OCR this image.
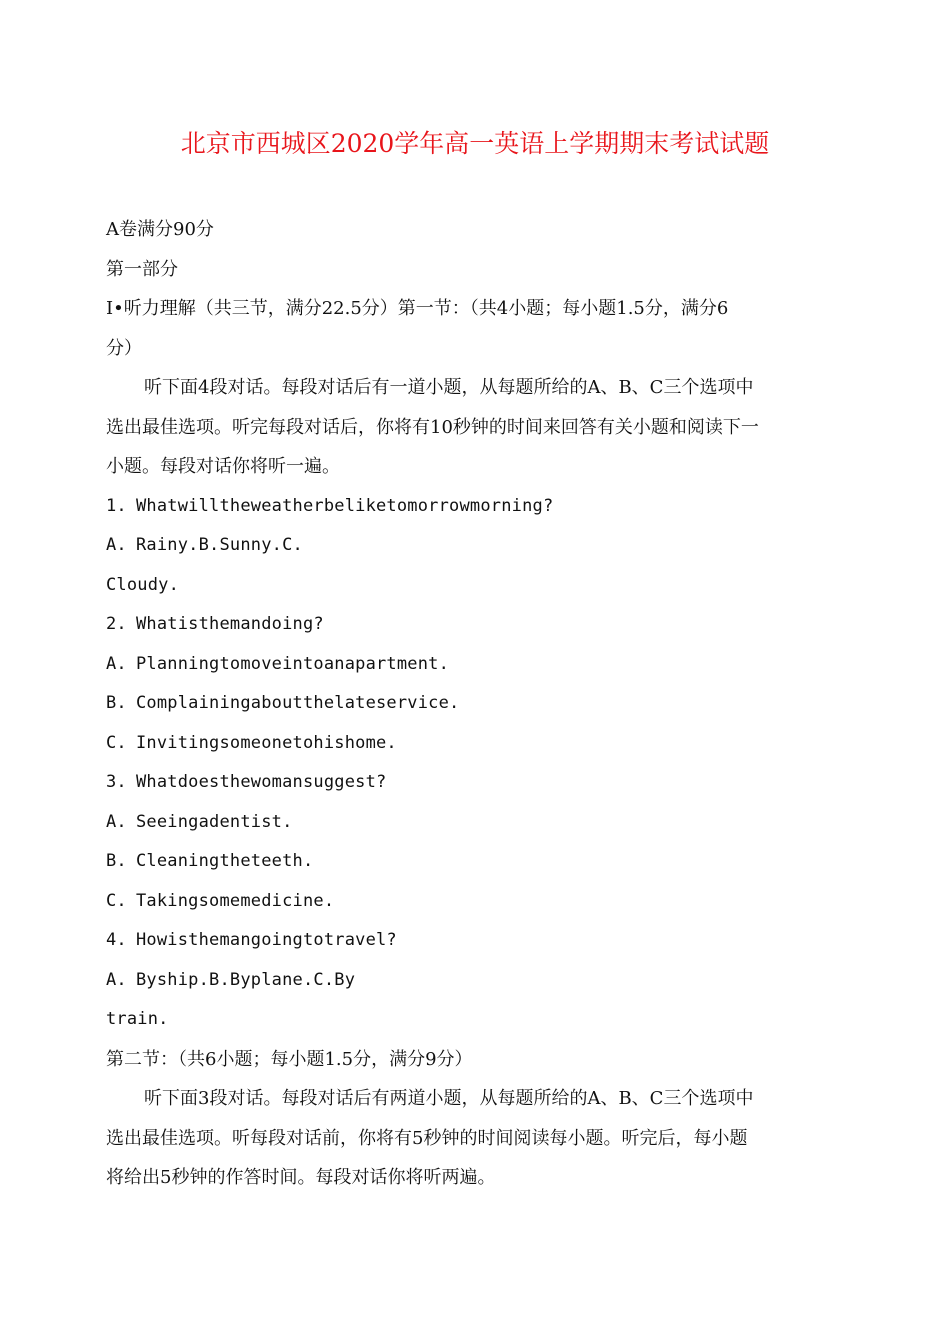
北京市西城区2020学年高一英语上学期期末考试试题
A卷满分90分
第一部分
I•听力理解（共三节，满分22.5分）第一节：（共4小题；每小题1.5分，满分6
分）
听下面4段对话。每段对话后有一道小题，从每题所给的A、B、C三个选项中
选出最佳选项。听完每段对话后，你将有10秒钟的时间来回答有关小题和阅读下一
小题。每段对话你将听一遍。
1. Whatwilltheweatherbeliketomorrowmorning?
A. Rainy.B.Sunny.C.
Cloudy.
2. Whatisthemandoing?
A. Planningtomoveintoanapartment.
B. Complainingaboutthelateservice.
C. Invitingsomeonetohishome.
3. Whatdoesthewomansuggest?
A. Seeingadentist.
B. Cleaningtheteeth.
C. Takingsomemedicine.
4. Howisthemangoingtotravel?
A. Byship.B.Byplane.C.By
train.
第二节：（共6小题；每小题1.5分，满分9分）
听下面3段对话。每段对话后有两道小题，从每题所给的A、B、C三个选项中
选出最佳选项。听每段对话前，你将有5秒钟的时间阅读每小题。听完后，每小题
将给出5秒钟的作答时间。每段对话你将听两遍。
